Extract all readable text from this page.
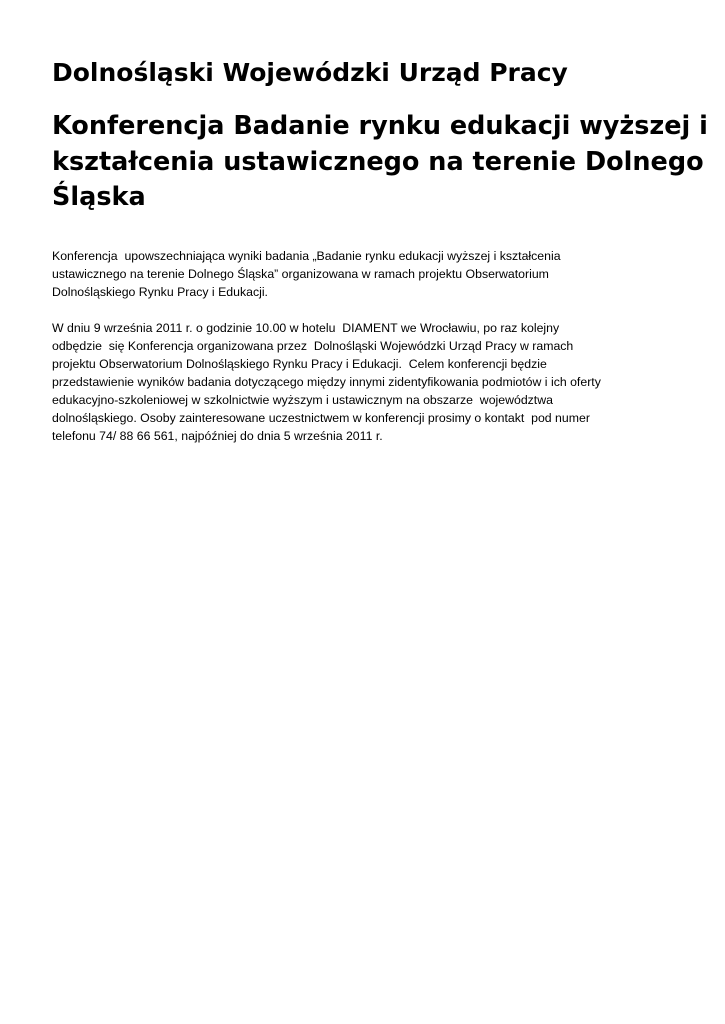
Dolnośląski Wojewódzki Urząd Pracy
Konferencja Badanie rynku edukacji wyższej i
kształcenia ustawicznego na terenie Dolnego
Śląska

Konferencja  upowszechniająca wyniki badania „Badanie rynku edukacji wyższej i kształcenia
ustawicznego na terenie Dolnego Śląska” organizowana w ramach projektu Obserwatorium
Dolnośląskiego Rynku Pracy i Edukacji.

W dniu 9 września 2011 r. o godzinie 10.00 w hotelu  DIAMENT we Wrocławiu, po raz kolejny
odbędzie  się Konferencja organizowana przez  Dolnośląski Wojewódzki Urząd Pracy w ramach
projektu Obserwatorium Dolnośląskiego Rynku Pracy i Edukacji.  Celem konferencji będzie
przedstawienie wyników badania dotyczącego między innymi zidentyfikowania podmiotów i ich oferty
edukacyjno-szkoleniowej w szkolnictwie wyższym i ustawicznym na obszarze  województwa
dolnośląskiego. Osoby zainteresowane uczestnictwem w konferencji prosimy o kontakt  pod numer
telefonu 74/ 88 66 561, najpóźniej do dnia 5 września 2011 r.
